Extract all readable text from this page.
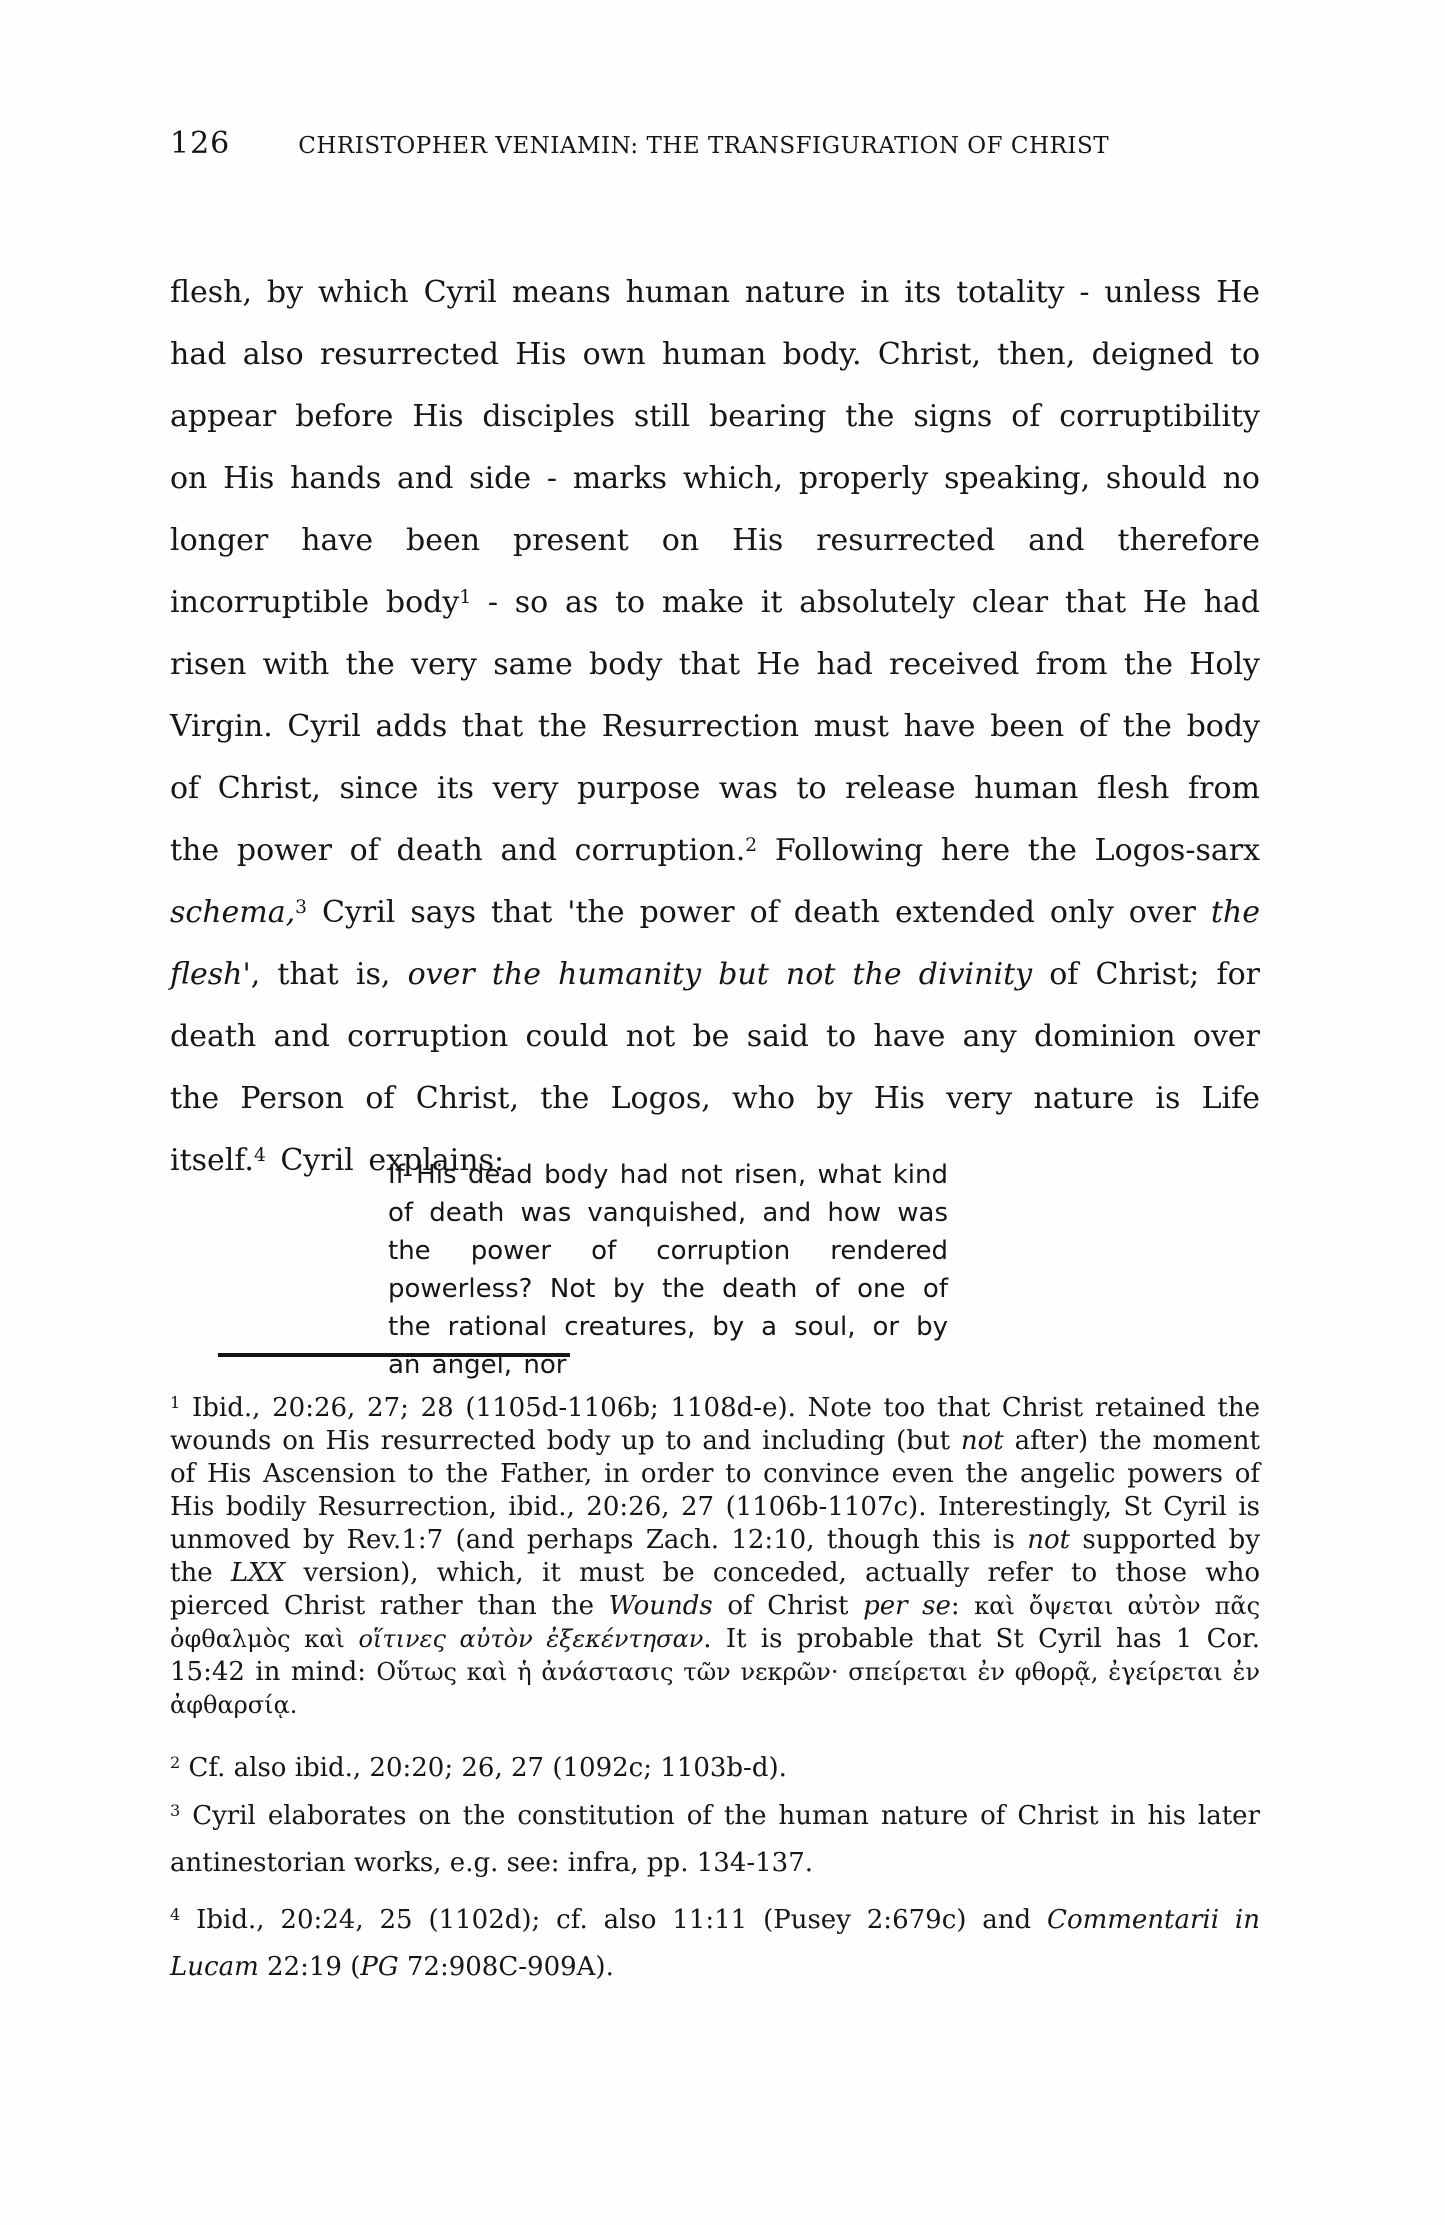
126	CHRISTOPHER VENIAMIN: THE TRANSFIGURATION OF CHRIST

flesh, by which Cyril means human nature in its totality - unless He had also resurrected His own human body. Christ, then, deigned to appear before His disciples still bearing the signs of corruptibility on His hands and side - marks which, properly speaking, should no longer have been present on His resurrected and therefore incorruptible body$^1$ - so as to make it absolutely clear that He had risen with the very same body that He had received from the Holy Virgin. Cyril adds that the Resurrection must have been of the body of Christ, since its very purpose was to release human flesh from the power of death and corruption.$^2$ Following here the Logos-sarx schema,$^3$ Cyril says that 'the power of death extended only over the flesh', that is, over the humanity but not the divinity of Christ; for death and corruption could not be said to have any dominion over the Person of Christ, the Logos, who by His very nature is Life itself.$^4$ Cyril explains:

If His dead body had not risen, what kind of death was vanquished, and how was the power of corruption rendered powerless? Not by the death of one of the rational creatures, by a soul, or by an angel, nor

$^1$ Ibid., 20:26, 27; 28 (1105d-1106b; 1108d-e). Note too that Christ retained the wounds on His resurrected body up to and including (but not after) the moment of His Ascension to the Father, in order to convince even the angelic powers of His bodily Resurrection, ibid., 20:26, 27 (1106b-1107c). Interestingly, St Cyril is unmoved by Rev.1:7 (and perhaps Zach. 12:10, though this is not supported by the LXX version), which, it must be conceded, actually refer to those who pierced Christ rather than the Wounds of Christ per se: καὶ ὄψεται αὐτὸν πᾶς ὀφθαλμὸς καὶ οἵτινες αὐτὸν ἐξεκέντησαν. It is probable that St Cyril has 1 Cor. 15:42 in mind: Οὕτως καὶ ἡ ἀνάστασις τῶν νεκρῶν· σπείρεται ἐν φθορᾷ, ἐγείρεται ἐν ἀφθαρσίᾳ.

$^2$ Cf. also ibid., 20:20; 26, 27 (1092c; 1103b-d).

$^3$ Cyril elaborates on the constitution of the human nature of Christ in his later antinestorian works, e.g. see: infra, pp. 134-137.

$^4$ Ibid., 20:24, 25 (1102d); cf. also 11:11 (Pusey 2:679c) and Commentarii in Lucam 22:19 (PG 72:908C-909A).
